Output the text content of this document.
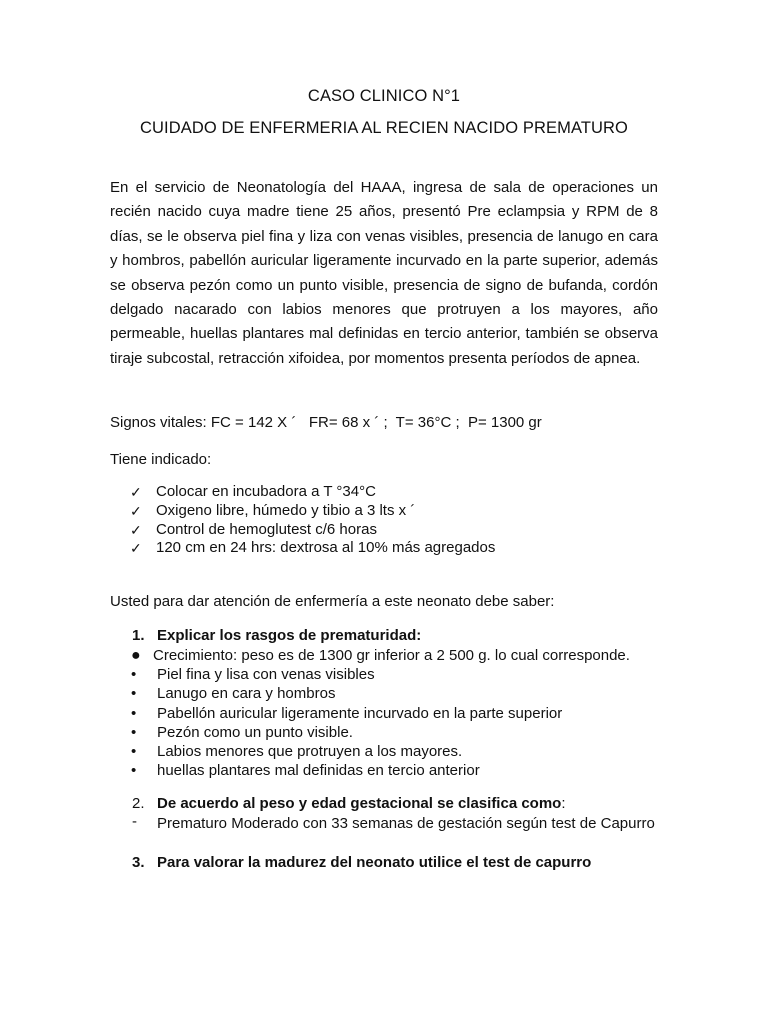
CASO CLINICO N°1
CUIDADO DE ENFERMERIA AL RECIEN NACIDO PREMATURO

En el servicio de Neonatología del HAAA, ingresa de sala de operaciones un recién nacido cuya madre tiene 25 años, presentó Pre eclampsia y RPM de 8 días, se le observa piel fina y liza con venas visibles, presencia de lanugo en cara y hombros, pabellón auricular ligeramente incurvado en la parte superior, además se observa pezón como un punto visible, presencia de signo de bufanda, cordón delgado nacarado con labios menores que protruyen a los mayores, año permeable, huellas plantares mal definidas en tercio anterior, también se observa tiraje subcostal, retracción xifoidea, por momentos presenta períodos de apnea.

Signos vitales: FC = 142 X ´   FR= 68 x ´ ;  T= 36°C ;  P= 1300 gr

Tiene indicado:

✓ Colocar en incubadora a T °34°C
✓ Oxigeno libre, húmedo y tibio a 3 lts x ´
✓ Control de hemoglutest c/6 horas
✓ 120 cm en 24 hrs: dextrosa al 10% más agregados

Usted para dar atención de enfermería a este neonato debe saber:

1. Explicar los rasgos de prematuridad:
● Crecimiento: peso es de 1300 gr inferior a 2 500 g. lo cual corresponde.
•	Piel fina y lisa con venas visibles
•	Lanugo en cara y hombros
•	Pabellón auricular ligeramente incurvado en la parte superior
•	Pezón como un punto visible.
•	Labios menores que protruyen a los mayores.
•	huellas plantares mal definidas en tercio anterior
2. De acuerdo al peso y edad gestacional se clasifica como:
-	Prematuro Moderado con 33 semanas de gestación según test de Capurro
3. Para valorar la madurez del neonato utilice el test de capurro
